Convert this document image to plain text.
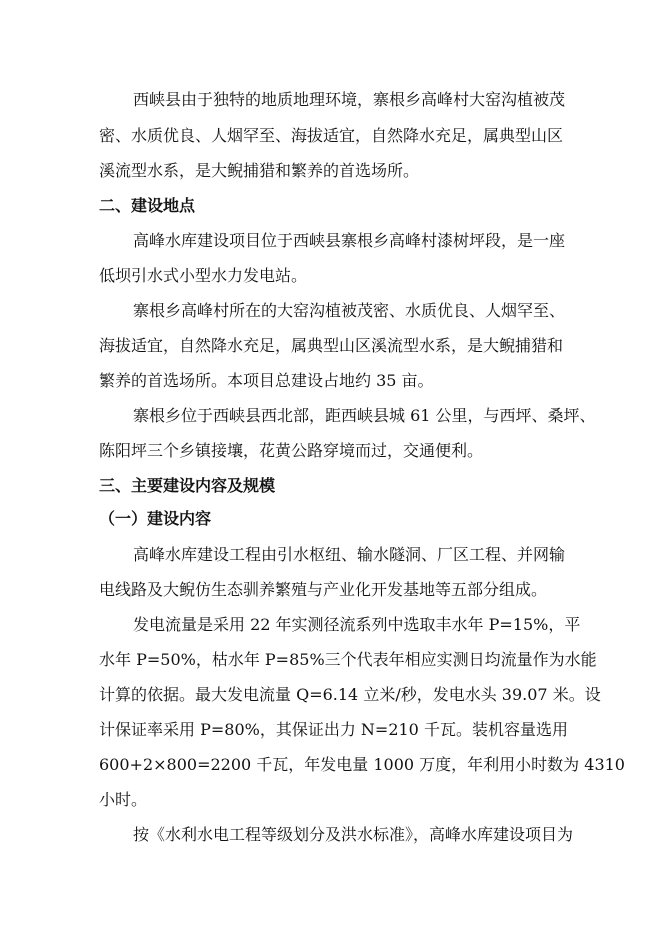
西峡县由于独特的地质地理环境，寨根乡高峰村大窑沟植被茂
密、水质优良、人烟罕至、海拔适宜，自然降水充足，属典型山区
溪流型水系，是大鲵捕猎和繁养的首选场所。
二、建设地点
高峰水库建设项目位于西峡县寨根乡高峰村漆树坪段，是一座
低坝引水式小型水力发电站。
寨根乡高峰村所在的大窑沟植被茂密、水质优良、人烟罕至、
海拔适宜，自然降水充足，属典型山区溪流型水系，是大鲵捕猎和
繁养的首选场所。本项目总建设占地约 35 亩。
寨根乡位于西峡县西北部，距西峡县城 61 公里，与西坪、桑坪、
陈阳坪三个乡镇接壤，花黄公路穿境而过，交通便利。
三、主要建设内容及规模
（一）建设内容
高峰水库建设工程由引水枢纽、输水隧洞、厂区工程、并网输
电线路及大鲵仿生态驯养繁殖与产业化开发基地等五部分组成。
发电流量是采用 22 年实测径流系列中选取丰水年 P=15%，平
水年 P=50%，枯水年 P=85%三个代表年相应实测日均流量作为水能
计算的依据。最大发电流量 Q=6.14 立米/秒，发电水头 39.07 米。设
计保证率采用 P=80%，其保证出力 N=210 千瓦。装机容量选用
600+2×800=2200 千瓦，年发电量 1000 万度，年利用小时数为 4310
小时。
按《水利水电工程等级划分及洪水标准》，高峰水库建设项目为
